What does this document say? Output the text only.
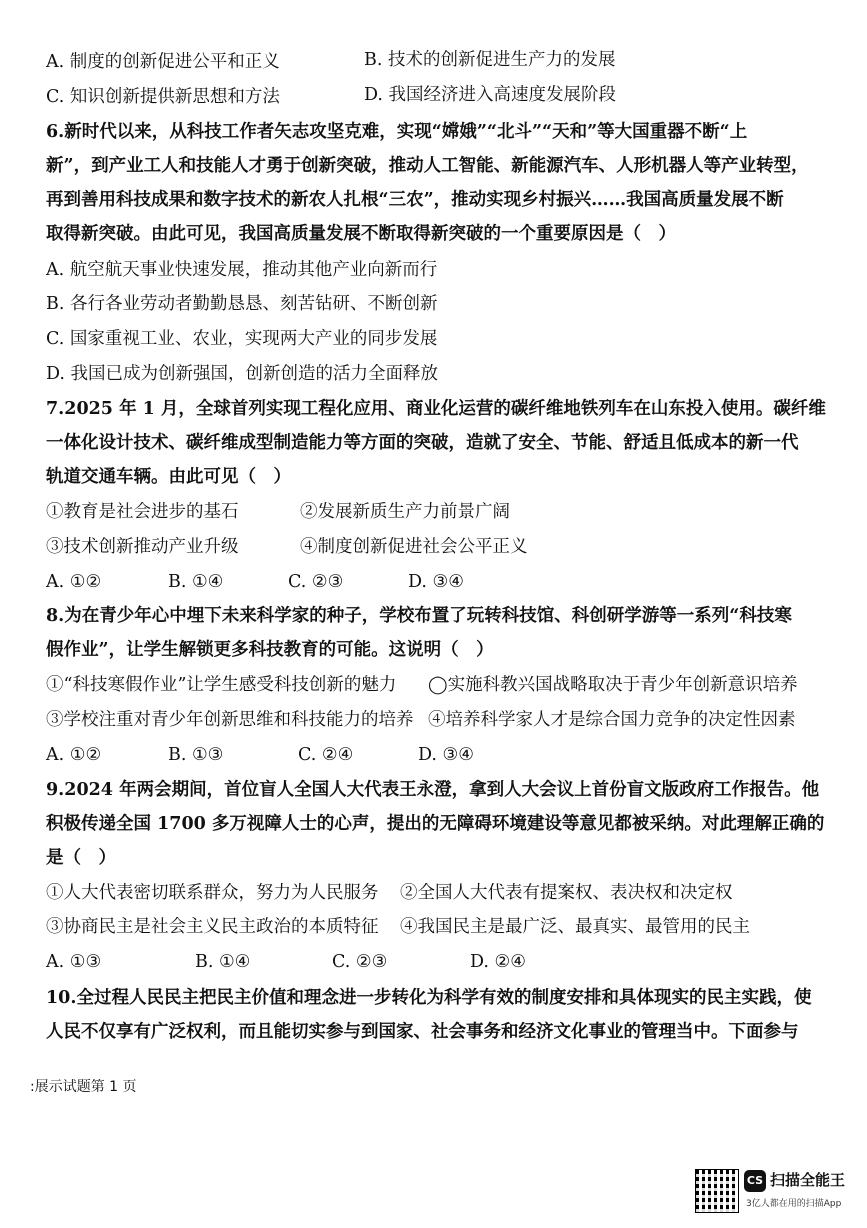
A. 制度的创新促进公平和正义	B. 技术的创新促进生产力的发展
C. 知识创新提供新思想和方法	D. 我国经济进入高速度发展阶段
6.新时代以来，从科技工作者矢志攻坚克难，实现“嫦娥”“北斗”“天和”等大国重器不断“上
新”，到产业工人和技能人才勇于创新突破，推动人工智能、新能源汽车、人形机器人等产业转型，
再到善用科技成果和数字技术的新农人扎根“三农”，推动实现乡村振兴……我国高质量发展不断
取得新突破。由此可见，我国高质量发展不断取得新突破的一个重要原因是（　）
A. 航空航天事业快速发展，推动其他产业向新而行
B. 各行各业劳动者勤勤恳恳、刻苦钻研、不断创新
C. 国家重视工业、农业，实现两大产业的同步发展
D. 我国已成为创新强国，创新创造的活力全面释放
7.2025 年 1 月，全球首列实现工程化应用、商业化运营的碳纤维地铁列车在山东投入使用。碳纤维
一体化设计技术、碳纤维成型制造能力等方面的突破，造就了安全、节能、舒适且低成本的新一代
轨道交通车辆。由此可见（　）
①教育是社会进步的基石	②发展新质生产力前景广阔
③技术创新推动产业升级	④制度创新促进社会公平正义
A. ①②	B. ①④	C. ②③	D. ③④
8.为在青少年心中埋下未来科学家的种子，学校布置了玩转科技馆、科创研学游等一系列“科技寒
假作业”，让学生解锁更多科技教育的可能。这说明（　）
①“科技寒假作业”让学生感受科技创新的魅力 ◯实施科教兴国战略取决于青少年创新意识培养
③学校注重对青少年创新思维和科技能力的培养 ④培养科学家人才是综合国力竞争的决定性因素
A. ①②	B. ①③	C. ②④	D. ③④
9.2024 年两会期间，首位盲人全国人大代表王永澄，拿到人大会议上首份盲文版政府工作报告。他
积极传递全国 1700 多万视障人士的心声，提出的无障碍环境建设等意见都被采纳。对此理解正确的
是（　）
①人大代表密切联系群众，努力为人民服务 ②全国人大代表有提案权、表决权和决定权
③协商民主是社会主义民主政治的本质特征 ④我国民主是最广泛、最真实、最管用的民主
A. ①③	B. ①④	C. ②③	D. ②④
10.全过程人民民主把民主价值和理念进一步转化为科学有效的制度安排和具体现实的民主实践，使
人民不仅享有广泛权利，而且能切实参与到国家、社会事务和经济文化事业的管理当中。下面参与
:展示试题第 1 页
CS 扫描全能王
3亿人都在用的扫描App
